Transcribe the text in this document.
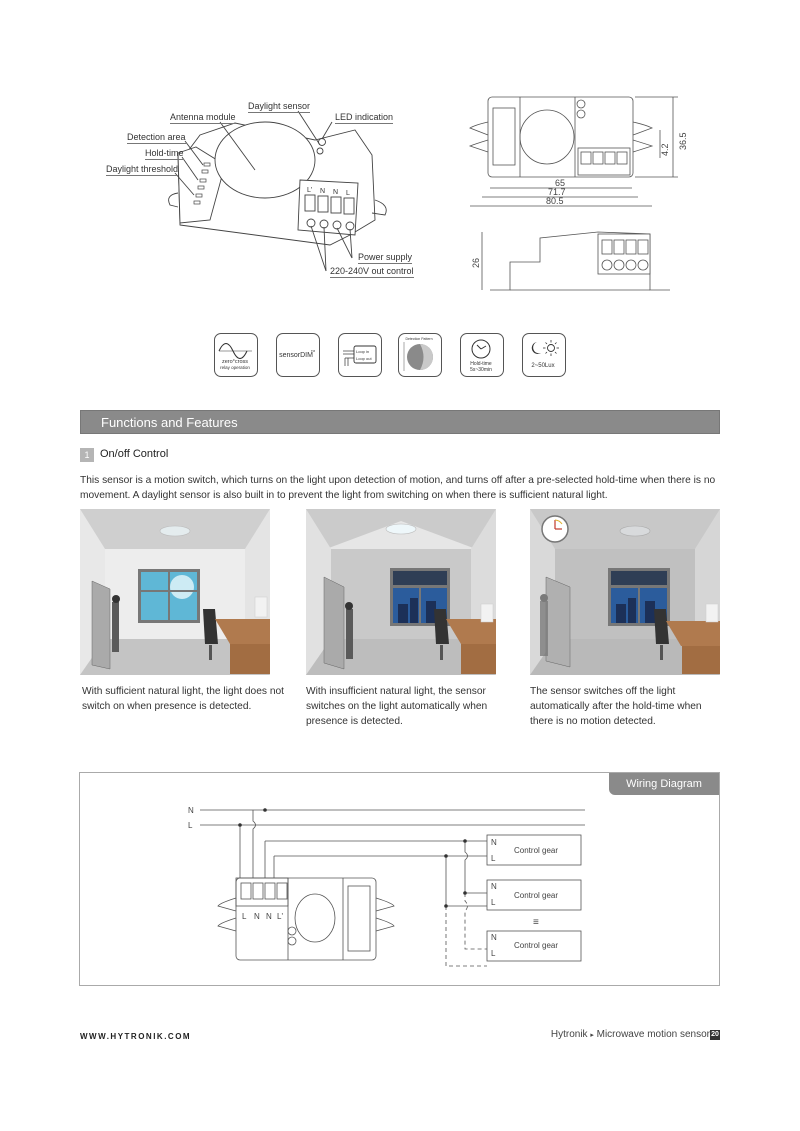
L' N N L
Daylight sensor
Antenna module	LED indication
Detection area
Hold-time
Daylight threshold
Power supply
220-240V out control
65
71.7
80.5
36.5
4.2
26
zero°cross
relay operation
sensorDIM
TM	Loop in
Loop out
Detection Pattern
Hold-time
5s~30min
2~50Lux
Functions and Features
1 On/off Control
This sensor is a motion switch, which turns on the light upon detection of motion, and turns off after a pre-selected hold-time when there is no movement. A daylight sensor is also built in to prevent the light from switching on when there is sufficient natural light.
With sufficient natural light, the light does not switch on when presence is detected.
With insufficient natural light, the sensor switches on the light automatically when presence is detected.
The sensor switches off the light automatically after the hold-time when there is no motion detected.
Wiring Diagram
N
L
L N N L'
N
L
N
L
N
L
Control gear
Control gear
Control gear
≡
WWW.HYTRONIK.COM	Hytronik ▸ Microwave motion sensor 20
